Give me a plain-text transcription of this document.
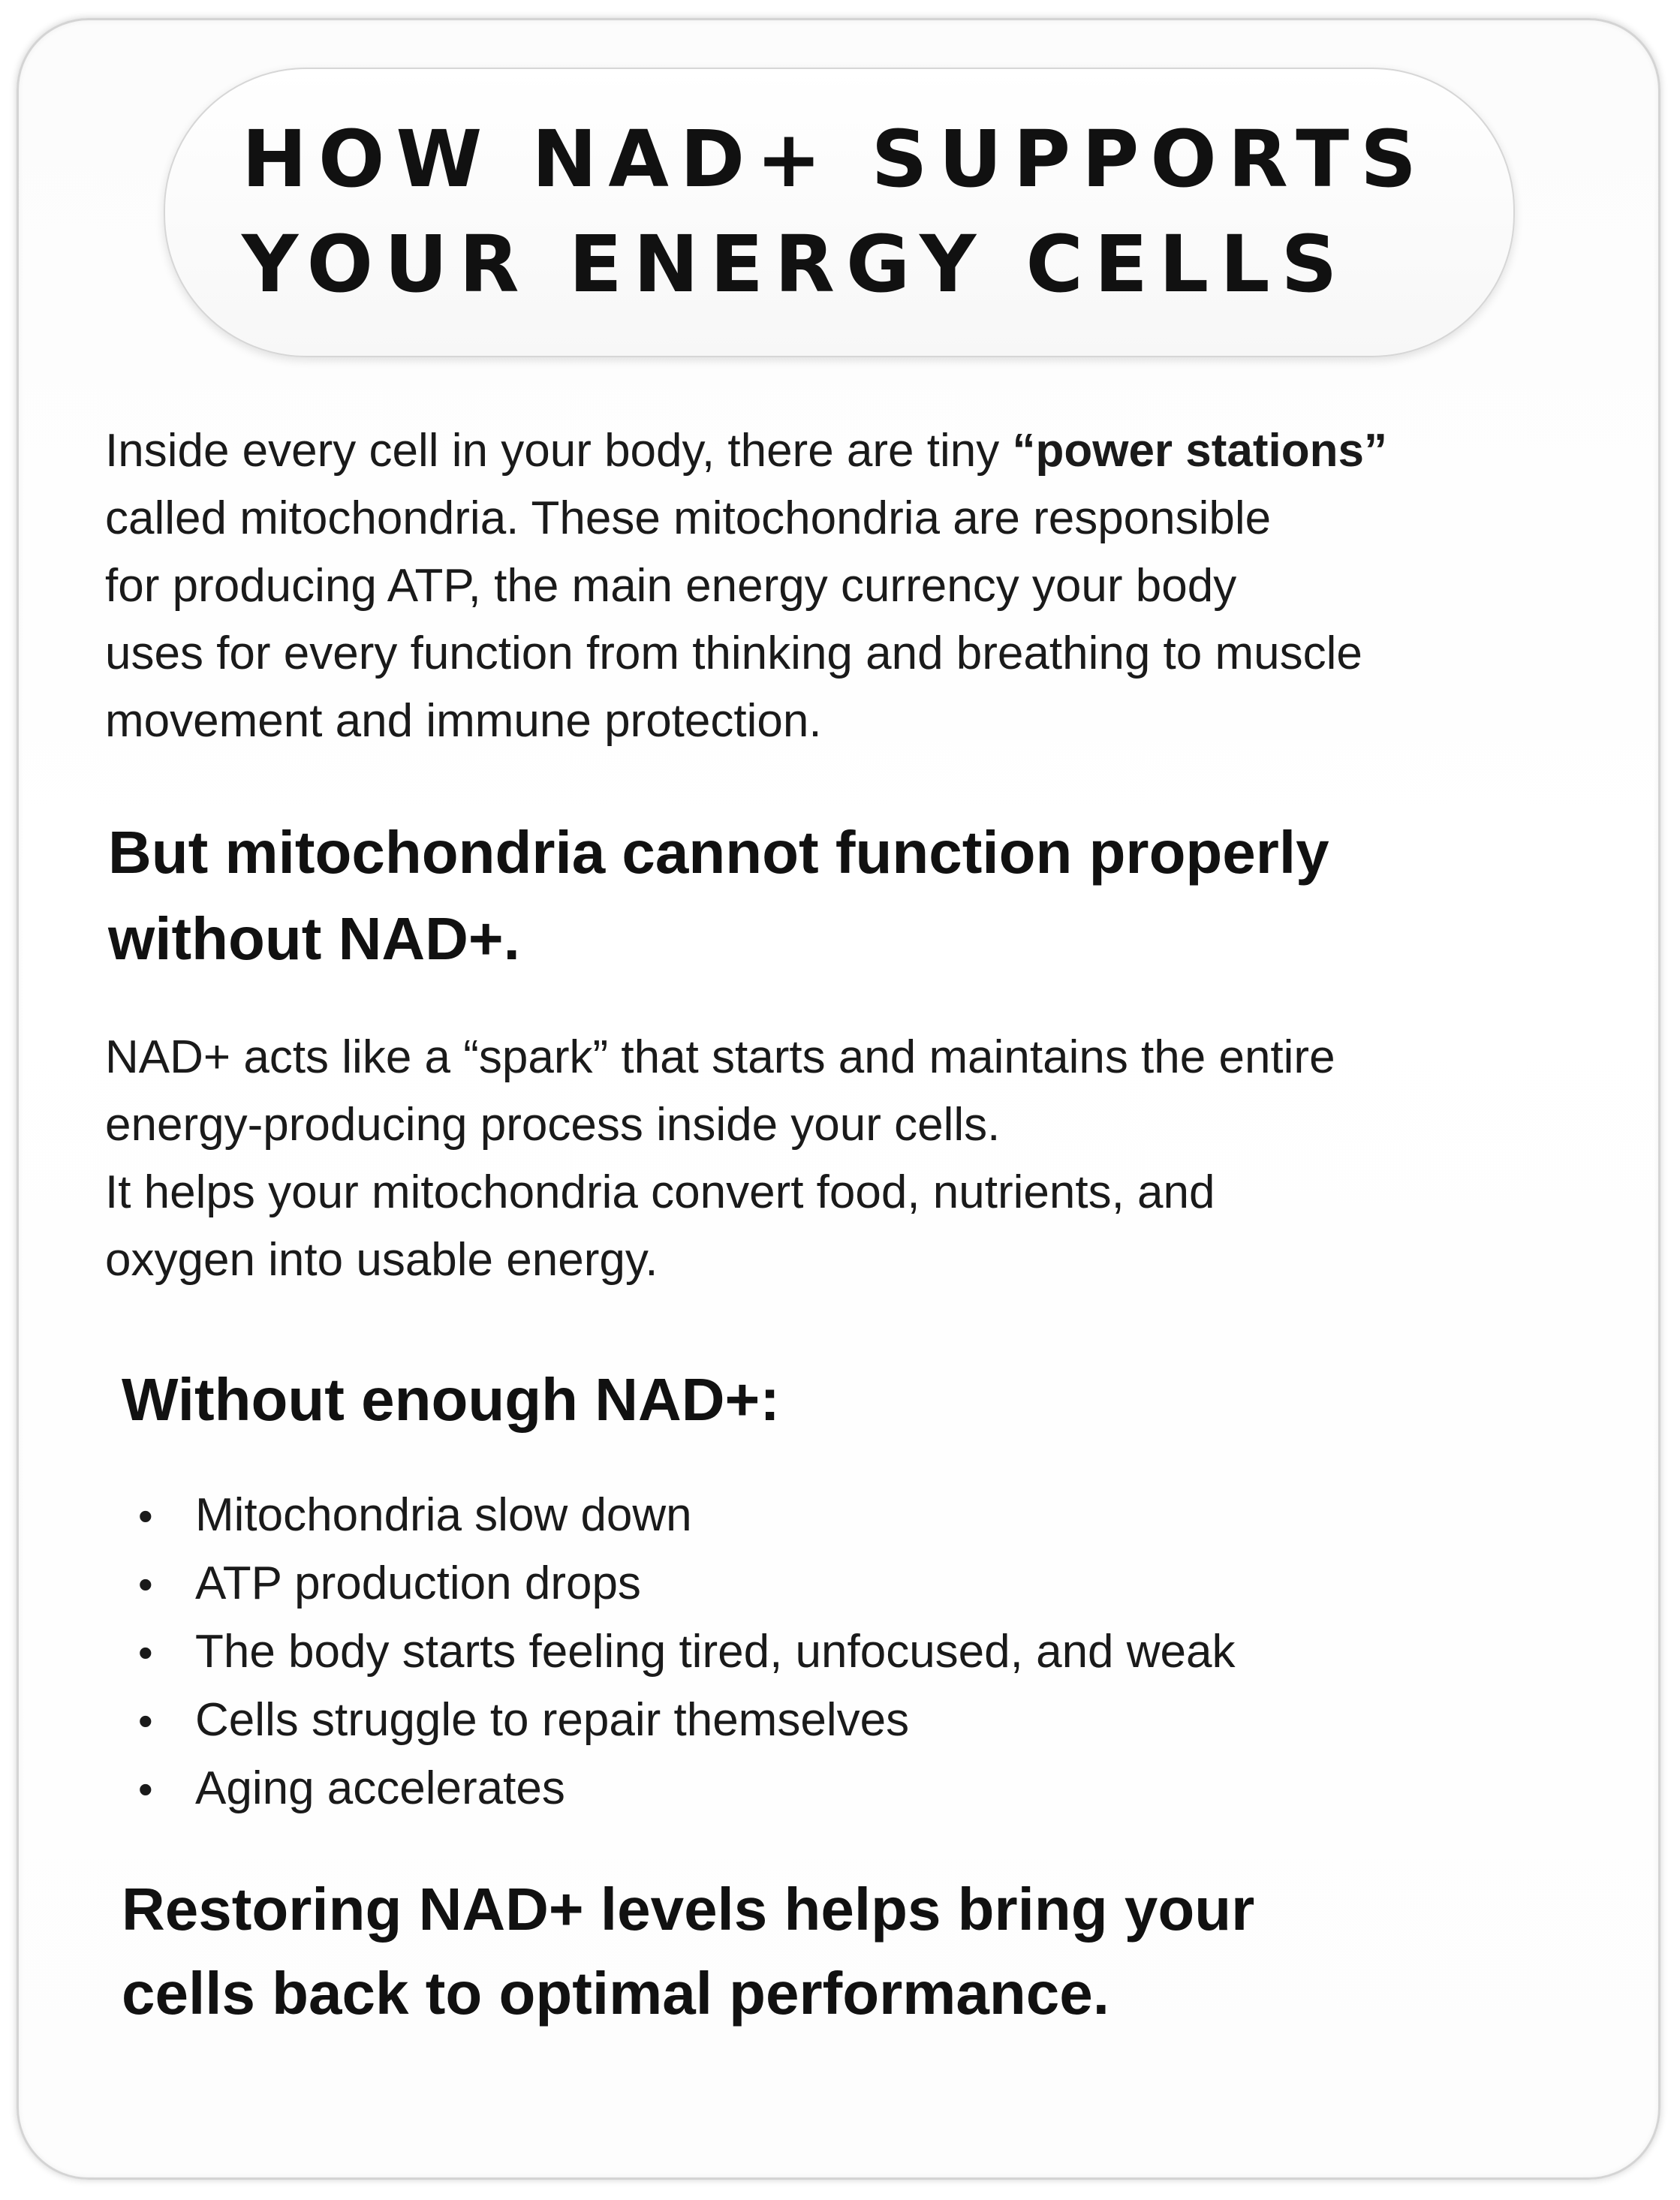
HOW NAD+ SUPPORTS
YOUR ENERGY CELLS

Inside every cell in your body, there are tiny “power stations”
called mitochondria. These mitochondria are responsible
for producing ATP, the main energy currency your body
uses for every function from thinking and breathing to muscle
movement and immune protection.

But mitochondria cannot function properly
without NAD+.

NAD+ acts like a “spark” that starts and maintains the entire
energy-producing process inside your cells.
It helps your mitochondria convert food, nutrients, and
oxygen into usable energy.

Without enough NAD+:
• Mitochondria slow down
• ATP production drops
• The body starts feeling tired, unfocused, and weak
• Cells struggle to repair themselves
• Aging accelerates

Restoring NAD+ levels helps bring your
cells back to optimal performance.
